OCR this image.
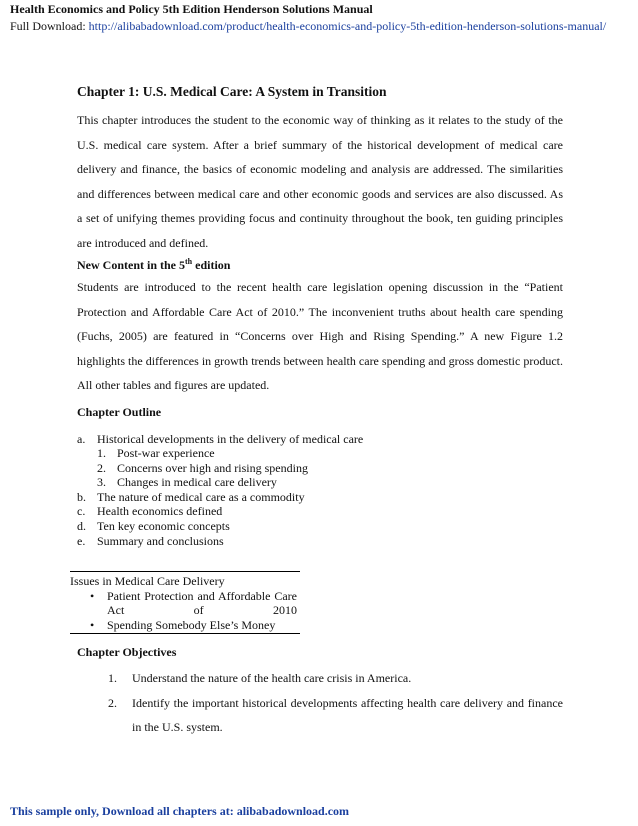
Health Economics and Policy 5th Edition Henderson Solutions Manual
Full Download: http://alibabadownload.com/product/health-economics-and-policy-5th-edition-henderson-solutions-manual/
Chapter 1: U.S. Medical Care: A System in Transition

This chapter introduces the student to the economic way of thinking as it relates to the study of the U.S. medical care system. After a brief summary of the historical development of medical care delivery and finance, the basics of economic modeling and analysis are addressed. The similarities and differences between medical care and other economic goods and services are also discussed. As a set of unifying themes providing focus and continuity throughout the book, ten guiding principles are introduced and defined.

New Content in the 5th edition

Students are introduced to the recent health care legislation opening discussion in the “Patient Protection and Affordable Care Act of 2010.” The inconvenient truths about health care spending (Fuchs, 2005) are featured in “Concerns over High and Rising Spending.” A new Figure 1.2 highlights the differences in growth trends between health care spending and gross domestic product. All other tables and figures are updated.

Chapter Outline
a. Historical developments in the delivery of medical care
1. Post-war experience
2. Concerns over high and rising spending
3. Changes in medical care delivery
b. The nature of medical care as a commodity
c. Health economics defined
d. Ten key economic concepts
e. Summary and conclusions
Issues in Medical Care Delivery
•	Patient Protection and Affordable Care Act of 2010
•	Spending Somebody Else’s Money
Chapter Objectives
1.	Understand the nature of the health care crisis in America.
2.	Identify the important historical developments affecting health care delivery and finance in the U.S. system.
This sample only, Download all chapters at: alibabadownload.com
